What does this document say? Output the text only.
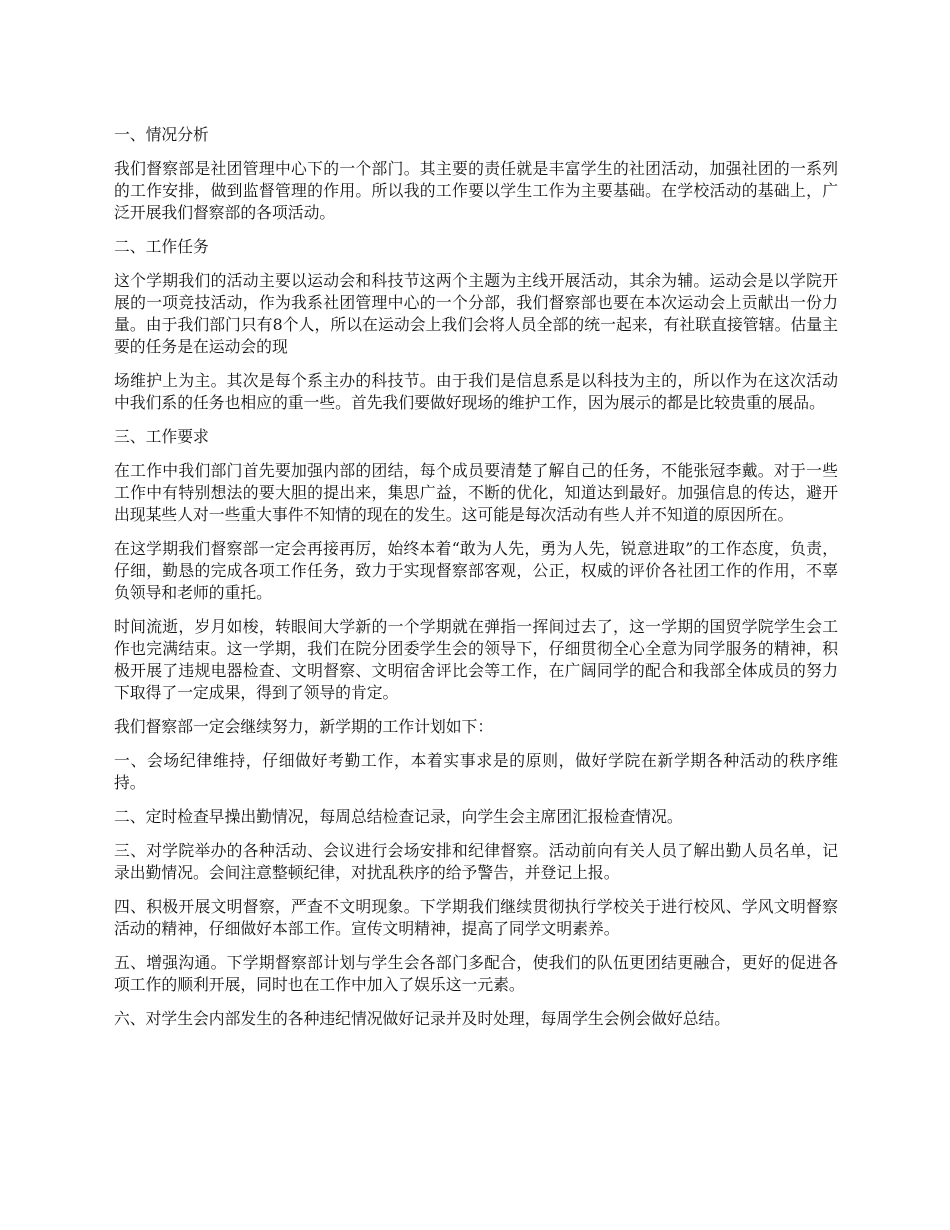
一、情况分析

我们督察部是社团管理中心下的一个部门。其主要的责任就是丰富学生的社团活动，加强社团的一系列的工作安排，做到监督管理的作用。所以我的工作要以学生工作为主要基础。在学校活动的基础上，广泛开展我们督察部的各项活动。

二、工作任务

这个学期我们的活动主要以运动会和科技节这两个主题为主线开展活动，其余为辅。运动会是以学院开展的一项竞技活动，作为我系社团管理中心的一个分部，我们督察部也要在本次运动会上贡献出一份力量。由于我们部门只有8个人，所以在运动会上我们会将人员全部的统一起来，有社联直接管辖。估量主要的任务是在运动会的现

场维护上为主。其次是每个系主办的科技节。由于我们是信息系是以科技为主的，所以作为在这次活动中我们系的任务也相应的重一些。首先我们要做好现场的维护工作，因为展示的都是比较贵重的展品。

三、工作要求

在工作中我们部门首先要加强内部的团结，每个成员要清楚了解自己的任务，不能张冠李戴。对于一些工作中有特别想法的要大胆的提出来，集思广益，不断的优化，知道达到最好。加强信息的传达，避开出现某些人对一些重大事件不知情的现在的发生。这可能是每次活动有些人并不知道的原因所在。

在这学期我们督察部一定会再接再厉，始终本着“敢为人先，勇为人先，锐意进取”的工作态度，负责，仔细，勤恳的完成各项工作任务，致力于实现督察部客观，公正，权威的评价各社团工作的作用，不辜负领导和老师的重托。

时间流逝，岁月如梭，转眼间大学新的一个学期就在弹指一挥间过去了，这一学期的国贸学院学生会工作也完满结束。这一学期，我们在院分团委学生会的领导下，仔细贯彻全心全意为同学服务的精神，积极开展了违规电器检查、文明督察、文明宿舍评比会等工作，在广阔同学的配合和我部全体成员的努力下取得了一定成果，得到了领导的肯定。

我们督察部一定会继续努力，新学期的工作计划如下：

一、会场纪律维持，仔细做好考勤工作，本着实事求是的原则，做好学院在新学期各种活动的秩序维持。

二、定时检查早操出勤情况，每周总结检查记录，向学生会主席团汇报检查情况。

三、对学院举办的各种活动、会议进行会场安排和纪律督察。活动前向有关人员了解出勤人员名单，记录出勤情况。会间注意整顿纪律，对扰乱秩序的给予警告，并登记上报。

四、积极开展文明督察，严查不文明现象。下学期我们继续贯彻执行学校关于进行校风、学风文明督察活动的精神，仔细做好本部工作。宣传文明精神，提高了同学文明素养。

五、增强沟通。下学期督察部计划与学生会各部门多配合，使我们的队伍更团结更融合，更好的促进各项工作的顺利开展，同时也在工作中加入了娱乐这一元素。

六、对学生会内部发生的各种违纪情况做好记录并及时处理，每周学生会例会做好总结。
